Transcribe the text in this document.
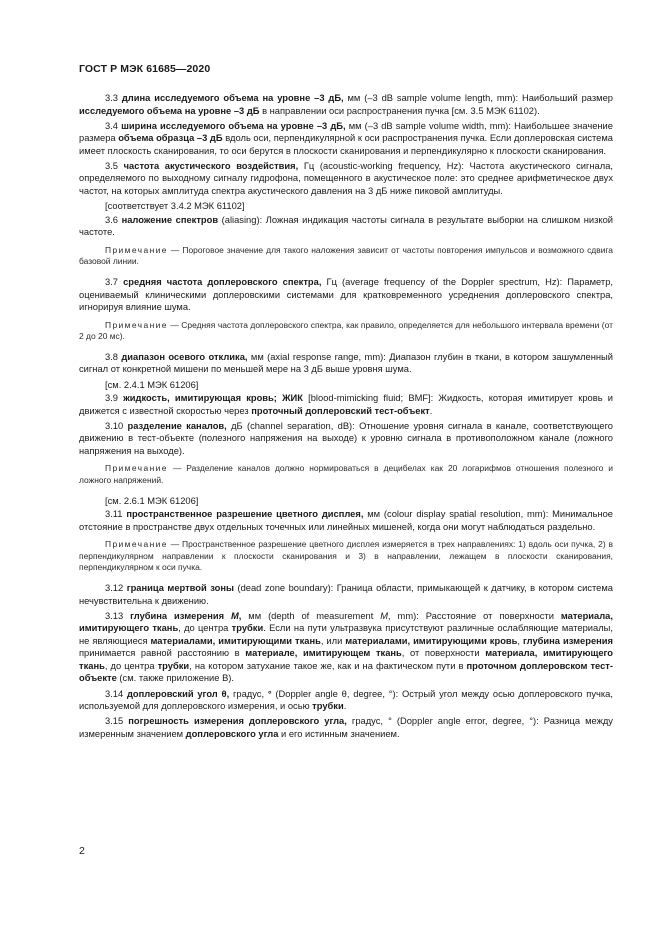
ГОСТ Р МЭК 61685—2020
3.3 длина исследуемого объема на уровне –3 дБ, мм (–3 dB sample volume length, mm): Наибольший размер исследуемого объема на уровне –3 дБ в направлении оси распространения пучка [см. 3.5 МЭК 61102).
3.4 ширина исследуемого объема на уровне –3 дБ, мм (–3 dB sample volume width, mm): Наибольшее значение размера объема образца –3 дБ вдоль оси, перпендикулярной к оси распространения пучка. Если доплеровская система имеет плоскость сканирования, то оси берутся в плоскости сканирования и перпендикулярно к плоскости сканирования.
3.5 частота акустического воздействия, Гц (acoustic-working frequency, Hz): Частота акустического сигнала, определяемого по выходному сигналу гидрофона, помещенного в акустическое поле: это среднее арифметическое двух частот, на которых амплитуда спектра акустического давления на 3 дБ ниже пиковой амплитуды.
[соответствует 3.4.2 МЭК 61102]
3.6 наложение спектров (aliasing): Ложная индикация частоты сигнала в результате выборки на слишком низкой частоте.
Примечание — Пороговое значение для такого наложения зависит от частоты повторения импульсов и возможного сдвига базовой линии.
3.7 средняя частота доплеровского спектра, Гц (average frequency of the Doppler spectrum, Hz): Параметр, оцениваемый клиническими доплеровскими системами для кратковременного усреднения доплеровского спектра, игнорируя влияние шума.
Примечание — Средняя частота доплеровского спектра, как правило, определяется для небольшого интервала времени (от 2 до 20 мс).
3.8 диапазон осевого отклика, мм (axial response range, mm): Диапазон глубин в ткани, в котором зашумленный сигнал от конкретной мишени по меньшей мере на 3 дБ выше уровня шума.
[см. 2.4.1 МЭК 61206]
3.9 жидкость, имитирующая кровь; ЖИК [blood-mimicking fluid; BMF]: Жидкость, которая имитирует кровь и движется с известной скоростью через проточный доплеровский тест-объект.
3.10 разделение каналов, дБ (channel separation, dB): Отношение уровня сигнала в канале, соответствующего движению в тест-объекте (полезного напряжения на выходе) к уровню сигнала в противоположном канале (ложного напряжения на выходе).
Примечание — Разделение каналов должно нормироваться в децибелах как 20 логарифмов отношения полезного и ложного напряжений.
[см. 2.6.1 МЭК 61206]
3.11 пространственное разрешение цветного дисплея, мм (colour display spatial resolution, mm): Минимальное отстояние в пространстве двух отдельных точечных или линейных мишеней, когда они могут наблюдаться раздельно.
Примечание — Пространственное разрешение цветного дисплея измеряется в трех направлениях: 1) вдоль оси пучка, 2) в перпендикулярном направлении к плоскости сканирования и 3) в направлении, лежащем в плоскости сканирования, перпендикулярном к оси пучка.
3.12 граница мертвой зоны (dead zone boundary): Граница области, примыкающей к датчику, в котором система нечувствительна к движению.
3.13 глубина измерения M, мм (depth of measurement M, mm): Расстояние от поверхности материала, имитирующего ткань, до центра трубки. Если на пути ультразвука присутствуют различные ослабляющие материалы, не являющиеся материалами, имитирующими ткань, или материалами, имитирующими кровь, глубина измерения принимается равной расстоянию в материале, имитирующем ткань, от поверхности материала, имитирующего ткань, до центра трубки, на котором затухание такое же, как и на фактическом пути в проточном доплеровском тест-объекте (см. также приложение B).
3.14 доплеровский угол θ, градус, ° (Doppler angle θ, degree, °): Острый угол между осью доплеровского пучка, используемой для доплеровского измерения, и осью трубки.
3.15 погрешность измерения доплеровского угла, градус, ° (Doppler angle error, degree, °): Разница между измеренным значением доплеровского угла и его истинным значением.
2
